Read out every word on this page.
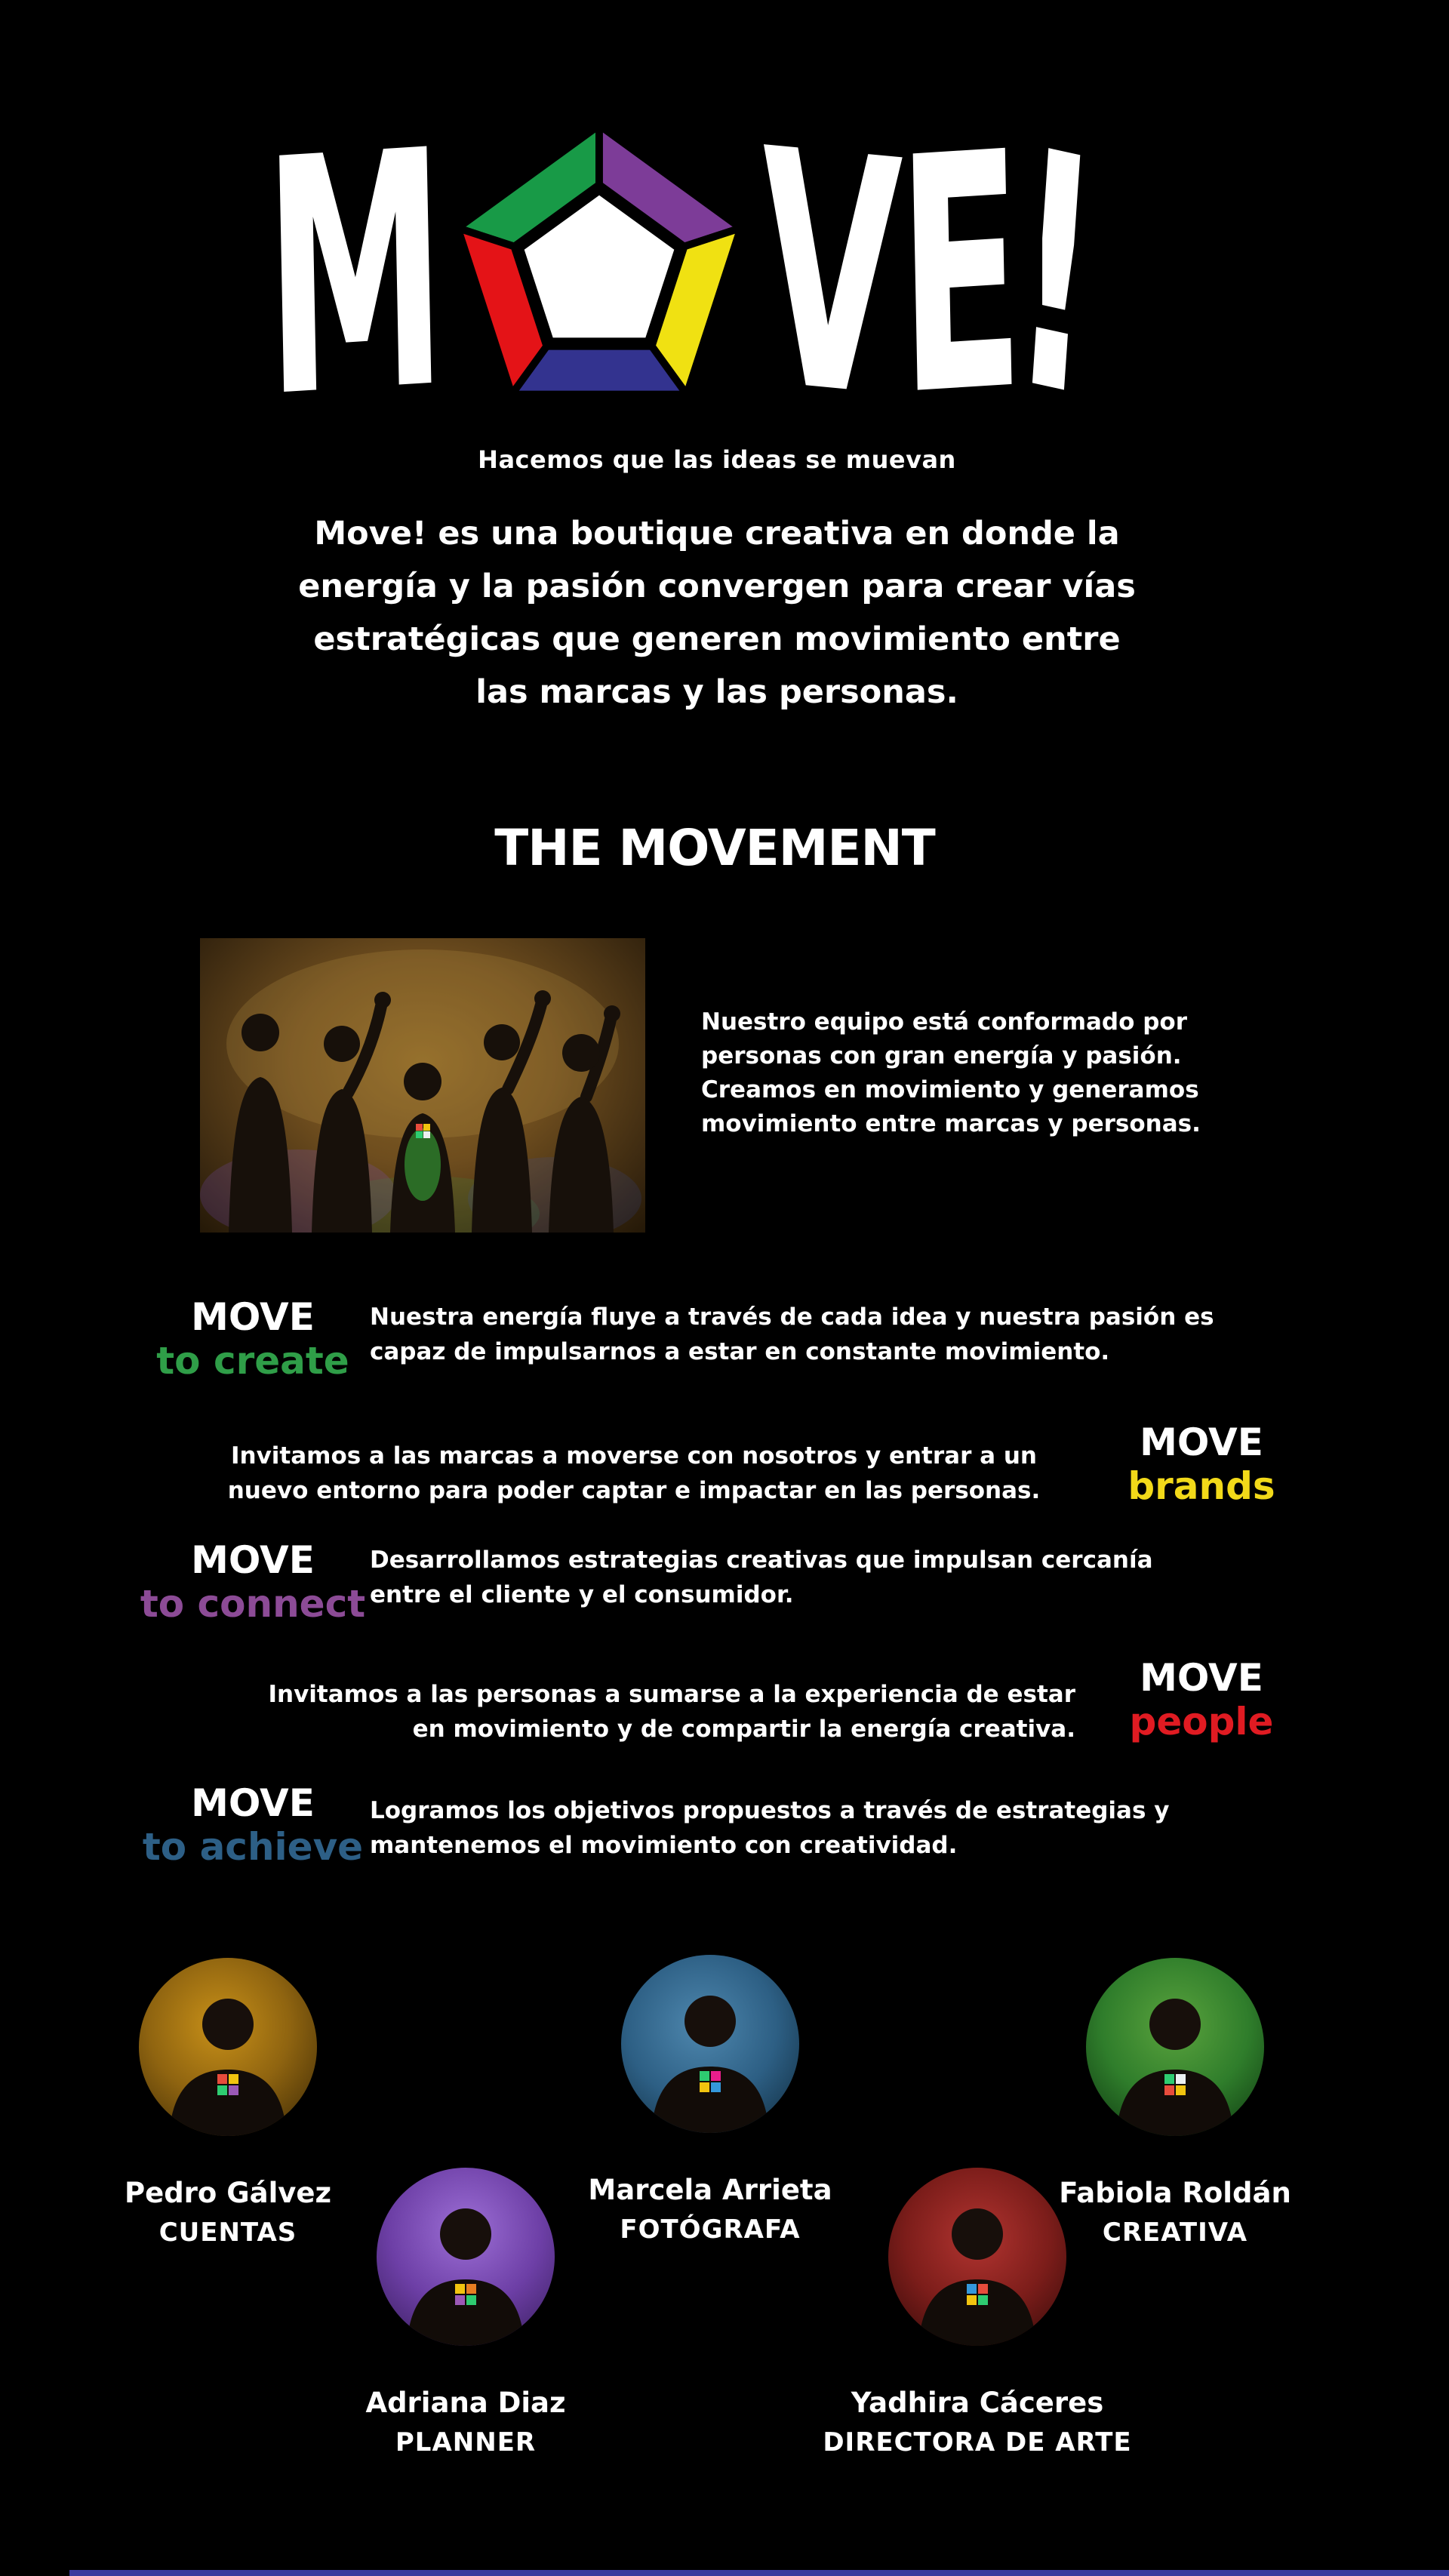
M V
E
!
Hacemos que las ideas se muevan
Move! es una boutique creativa en donde la
energía y la pasión convergen para crear vías
estratégicas que generen movimiento entre
las marcas y las personas.
THE MOVEMENT
Nuestro equipo está conformado por
personas con gran energía y pasión.
Creamos en movimiento y generamos
movimiento entre marcas y personas.
MOVE
to create
Nuestra energía fluye a través de cada idea y nuestra pasión es
capaz de impulsarnos a estar en constante movimiento.
Invitamos a las marcas a moverse con nosotros y entrar a un
nuevo entorno para poder captar e impactar en las personas.
MOVE
brands
MOVE
to connect
Desarrollamos estrategias creativas que impulsan cercanía
entre el cliente y el consumidor.
Invitamos a las personas a sumarse a la experiencia de estar
en movimiento y de compartir la energía creativa.
MOVE
people
MOVE
to achieve
Logramos los objetivos propuestos a través de estrategias y
mantenemos el movimiento con creatividad.
Pedro Gálvez
CUENTAS
Marcela Arrieta
FOTÓGRAFA
Fabiola Roldán
CREATIVA
Adriana Diaz
PLANNER
Yadhira Cáceres
DIRECTORA DE ARTE
